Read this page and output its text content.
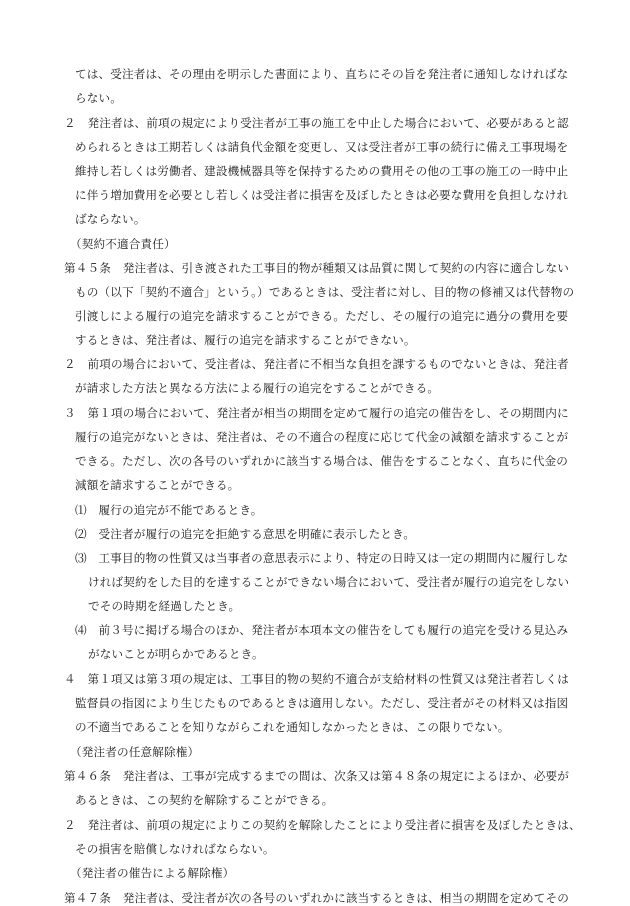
ては、受注者は、その理由を明示した書面により、直ちにその旨を発注者に通知しなければな
らない。
２　発注者は、前項の規定により受注者が工事の施工を中止した場合において、必要があると認
められるときは工期若しくは請負代金額を変更し、又は受注者が工事の続行に備え工事現場を
維持し若しくは労働者、建設機械器具等を保持するための費用その他の工事の施工の一時中止
に伴う増加費用を必要とし若しくは受注者に損害を及ぼしたときは必要な費用を負担しなけれ
ばならない。
（契約不適合責任）
第４５条　発注者は、引き渡された工事目的物が種類又は品質に関して契約の内容に適合しない
もの（以下「契約不適合」という。）であるときは、受注者に対し、目的物の修補又は代替物の
引渡しによる履行の追完を請求することができる。ただし、その履行の追完に過分の費用を要
するときは、発注者は、履行の追完を請求することができない。
２　前項の場合において、受注者は、発注者に不相当な負担を課するものでないときは、発注者
が請求した方法と異なる方法による履行の追完をすることができる。
３　第１項の場合において、発注者が相当の期間を定めて履行の追完の催告をし、その期間内に
履行の追完がないときは、発注者は、その不適合の程度に応じて代金の減額を請求することが
できる。ただし、次の各号のいずれかに該当する場合は、催告をすることなく、直ちに代金の
減額を請求することができる。
⑴　履行の追完が不能であるとき。
⑵　受注者が履行の追完を拒絶する意思を明確に表示したとき。
⑶　工事目的物の性質又は当事者の意思表示により、特定の日時又は一定の期間内に履行しな
ければ契約をした目的を達することができない場合において、受注者が履行の追完をしない
でその時期を経過したとき。
⑷　前３号に掲げる場合のほか、発注者が本項本文の催告をしても履行の追完を受ける見込み
がないことが明らかであるとき。
４　第１項又は第３項の規定は、工事目的物の契約不適合が支給材料の性質又は発注者若しくは
監督員の指図により生じたものであるときは適用しない。ただし、受注者がその材料又は指図
の不適当であることを知りながらこれを通知しなかったときは、この限りでない。
（発注者の任意解除権）
第４６条　発注者は、工事が完成するまでの間は、次条又は第４８条の規定によるほか、必要が
あるときは、この契約を解除することができる。
２　発注者は、前項の規定によりこの契約を解除したことにより受注者に損害を及ぼしたときは、
その損害を賠償しなければならない。
（発注者の催告による解除権）
第４７条　発注者は、受注者が次の各号のいずれかに該当するときは、相当の期間を定めてその
